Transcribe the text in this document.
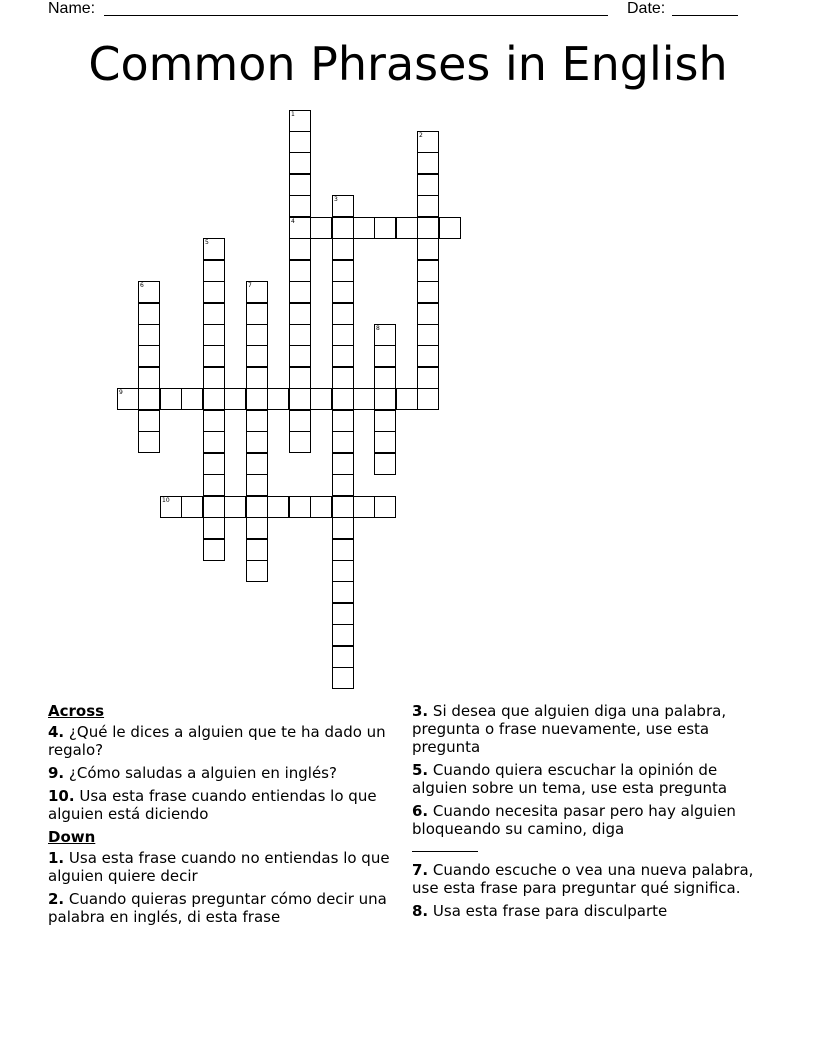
Name:	Date:
Common Phrases in English
1
4
2
3
5
6	7
8
9
10
Across
4. ¿Qué le dices a alguien que te ha dado un regalo?
9. ¿Cómo saludas a alguien en inglés?
10. Usa esta frase cuando entiendas lo que alguien está diciendo
Down
1. Usa esta frase cuando no entiendas lo que alguien quiere decir
2. Cuando quieras preguntar cómo decir una palabra en inglés, di esta frase
3. Si desea que alguien diga una palabra, pregunta o frase nuevamente, use esta pregunta
5. Cuando quiera escuchar la opinión de alguien sobre un tema, use esta pregunta
6. Cuando necesita pasar pero hay alguien bloqueando su camino, diga

7. Cuando escuche o vea una nueva palabra, use esta frase para preguntar qué significa.
8. Usa esta frase para disculparte
